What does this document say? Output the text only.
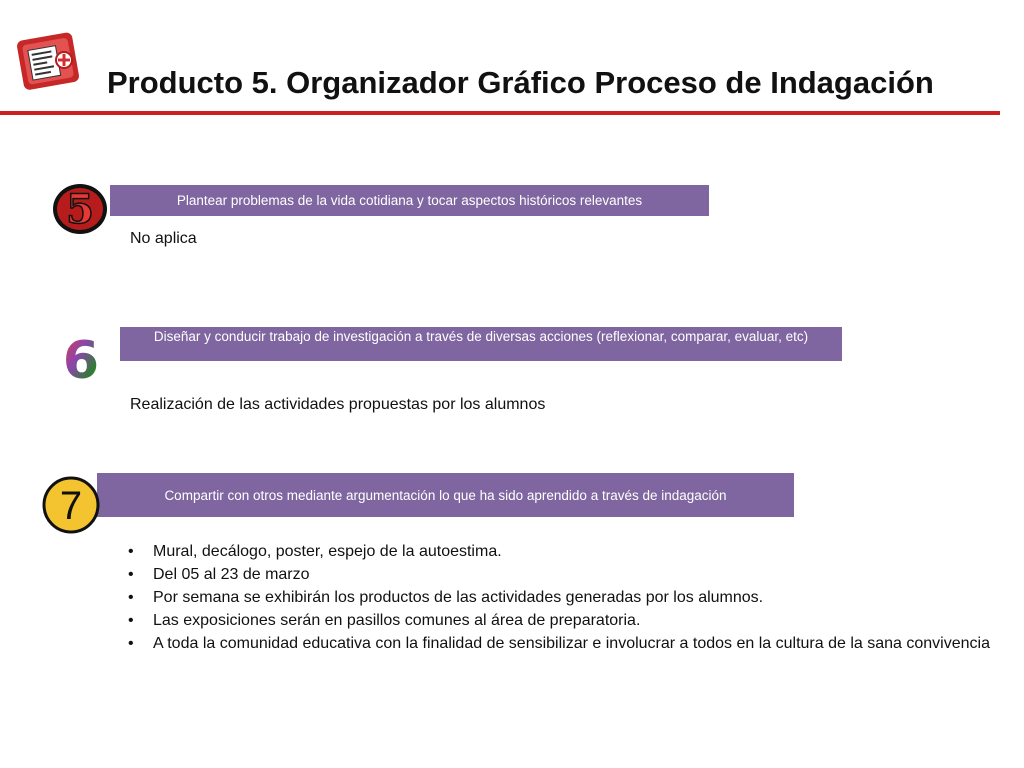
Producto 5. Organizador Gráfico Proceso de Indagación
Plantear problemas de la vida cotidiana y tocar aspectos históricos relevantes
5

No aplica

Diseñar y conducir trabajo de investigación a través de diversas acciones (reflexionar, comparar, evaluar, etc)
6

Realización de las actividades propuestas por los alumnos

Compartir con otros mediante argumentación lo que ha sido aprendido a través de indagación
7
• Mural, decálogo, poster, espejo de la autoestima.
• Del 05 al 23 de marzo
• Por semana se exhibirán los productos de las actividades generadas por los alumnos.
• Las exposiciones serán en pasillos comunes al área de preparatoria.
• A toda la comunidad educativa con la finalidad de sensibilizar e involucrar a todos en la cultura de la sana convivencia
